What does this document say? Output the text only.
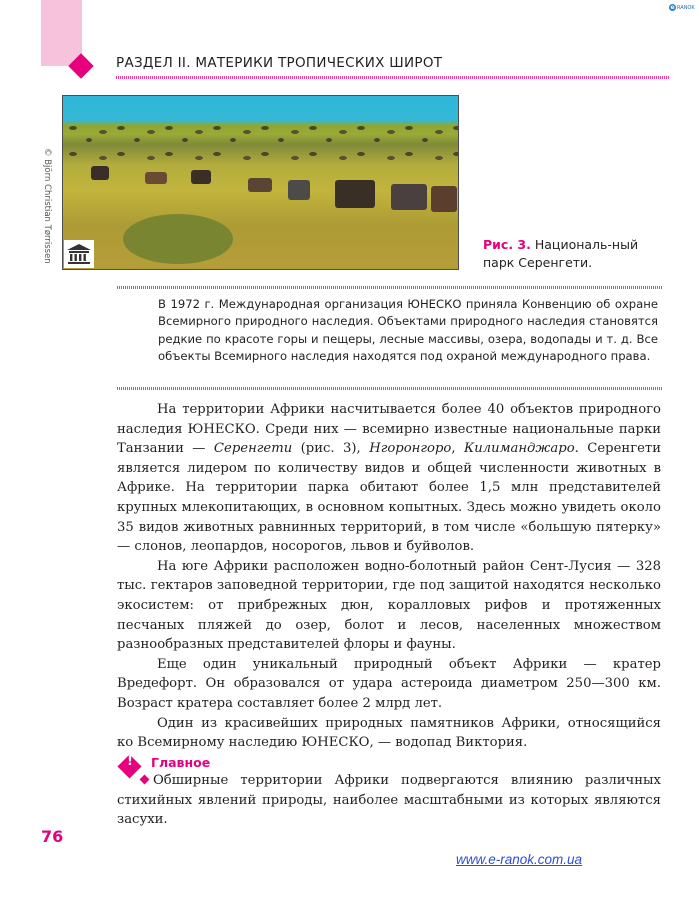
РАЗДЕЛ II. МАТЕРИКИ ТРОПИЧЕСКИХ ШИРОТ
e RANOK
© Björn Christian Tørrissen	Рис. 3. Националь-ный парк Серенгети.
В 1972 г. Международная организация ЮНЕСКО приняла Конвенцию об охране Всемирного природного наследия. Объектами природного наследия становятся редкие по красоте горы и пещеры, лесные массивы, озера, водопады и т. д. Все объекты Всемирного наследия находятся под охраной международного права.

На территории Африки насчитывается более 40 объектов природного наследия ЮНЕСКО. Среди них — всемирно известные национальные парки Танзании — Серенгети (рис. 3), Нгоронгоро, Килиманджаро. Серенгети является лидером по количеству видов и общей численности животных в Африке. На территории парка обитают более 1,5 млн представителей крупных млекопитающих, в основном копытных. Здесь можно увидеть около 35 видов животных равнинных территорий, в том числе «большую пятерку» — слонов, леопардов, носорогов, львов и буйволов.

На юге Африки расположен водно-болотный район Сент-Лусия — 328 тыс. гектаров заповедной территории, где под защитой находятся несколько экосистем: от прибрежных дюн, коралловых рифов и протяженных песчаных пляжей до озер, болот и лесов, населенных множеством разнообразных представителей флоры и фауны.

Еще один уникальный природный объект Африки — кратер Вредефорт. Он образовался от удара астероида диаметром 250—300 км. Возраст кратера составляет более 2 млрд лет.

Один из красивейших природных памятников Африки, относящийся ко Всемирному наследию ЮНЕСКО, — водопад Виктория.

! Главное
Обширные территории Африки подвергаются влиянию различных стихийных явлений природы, наиболее масштабными из которых являются засухи.
76
www.e-ranok.com.ua
